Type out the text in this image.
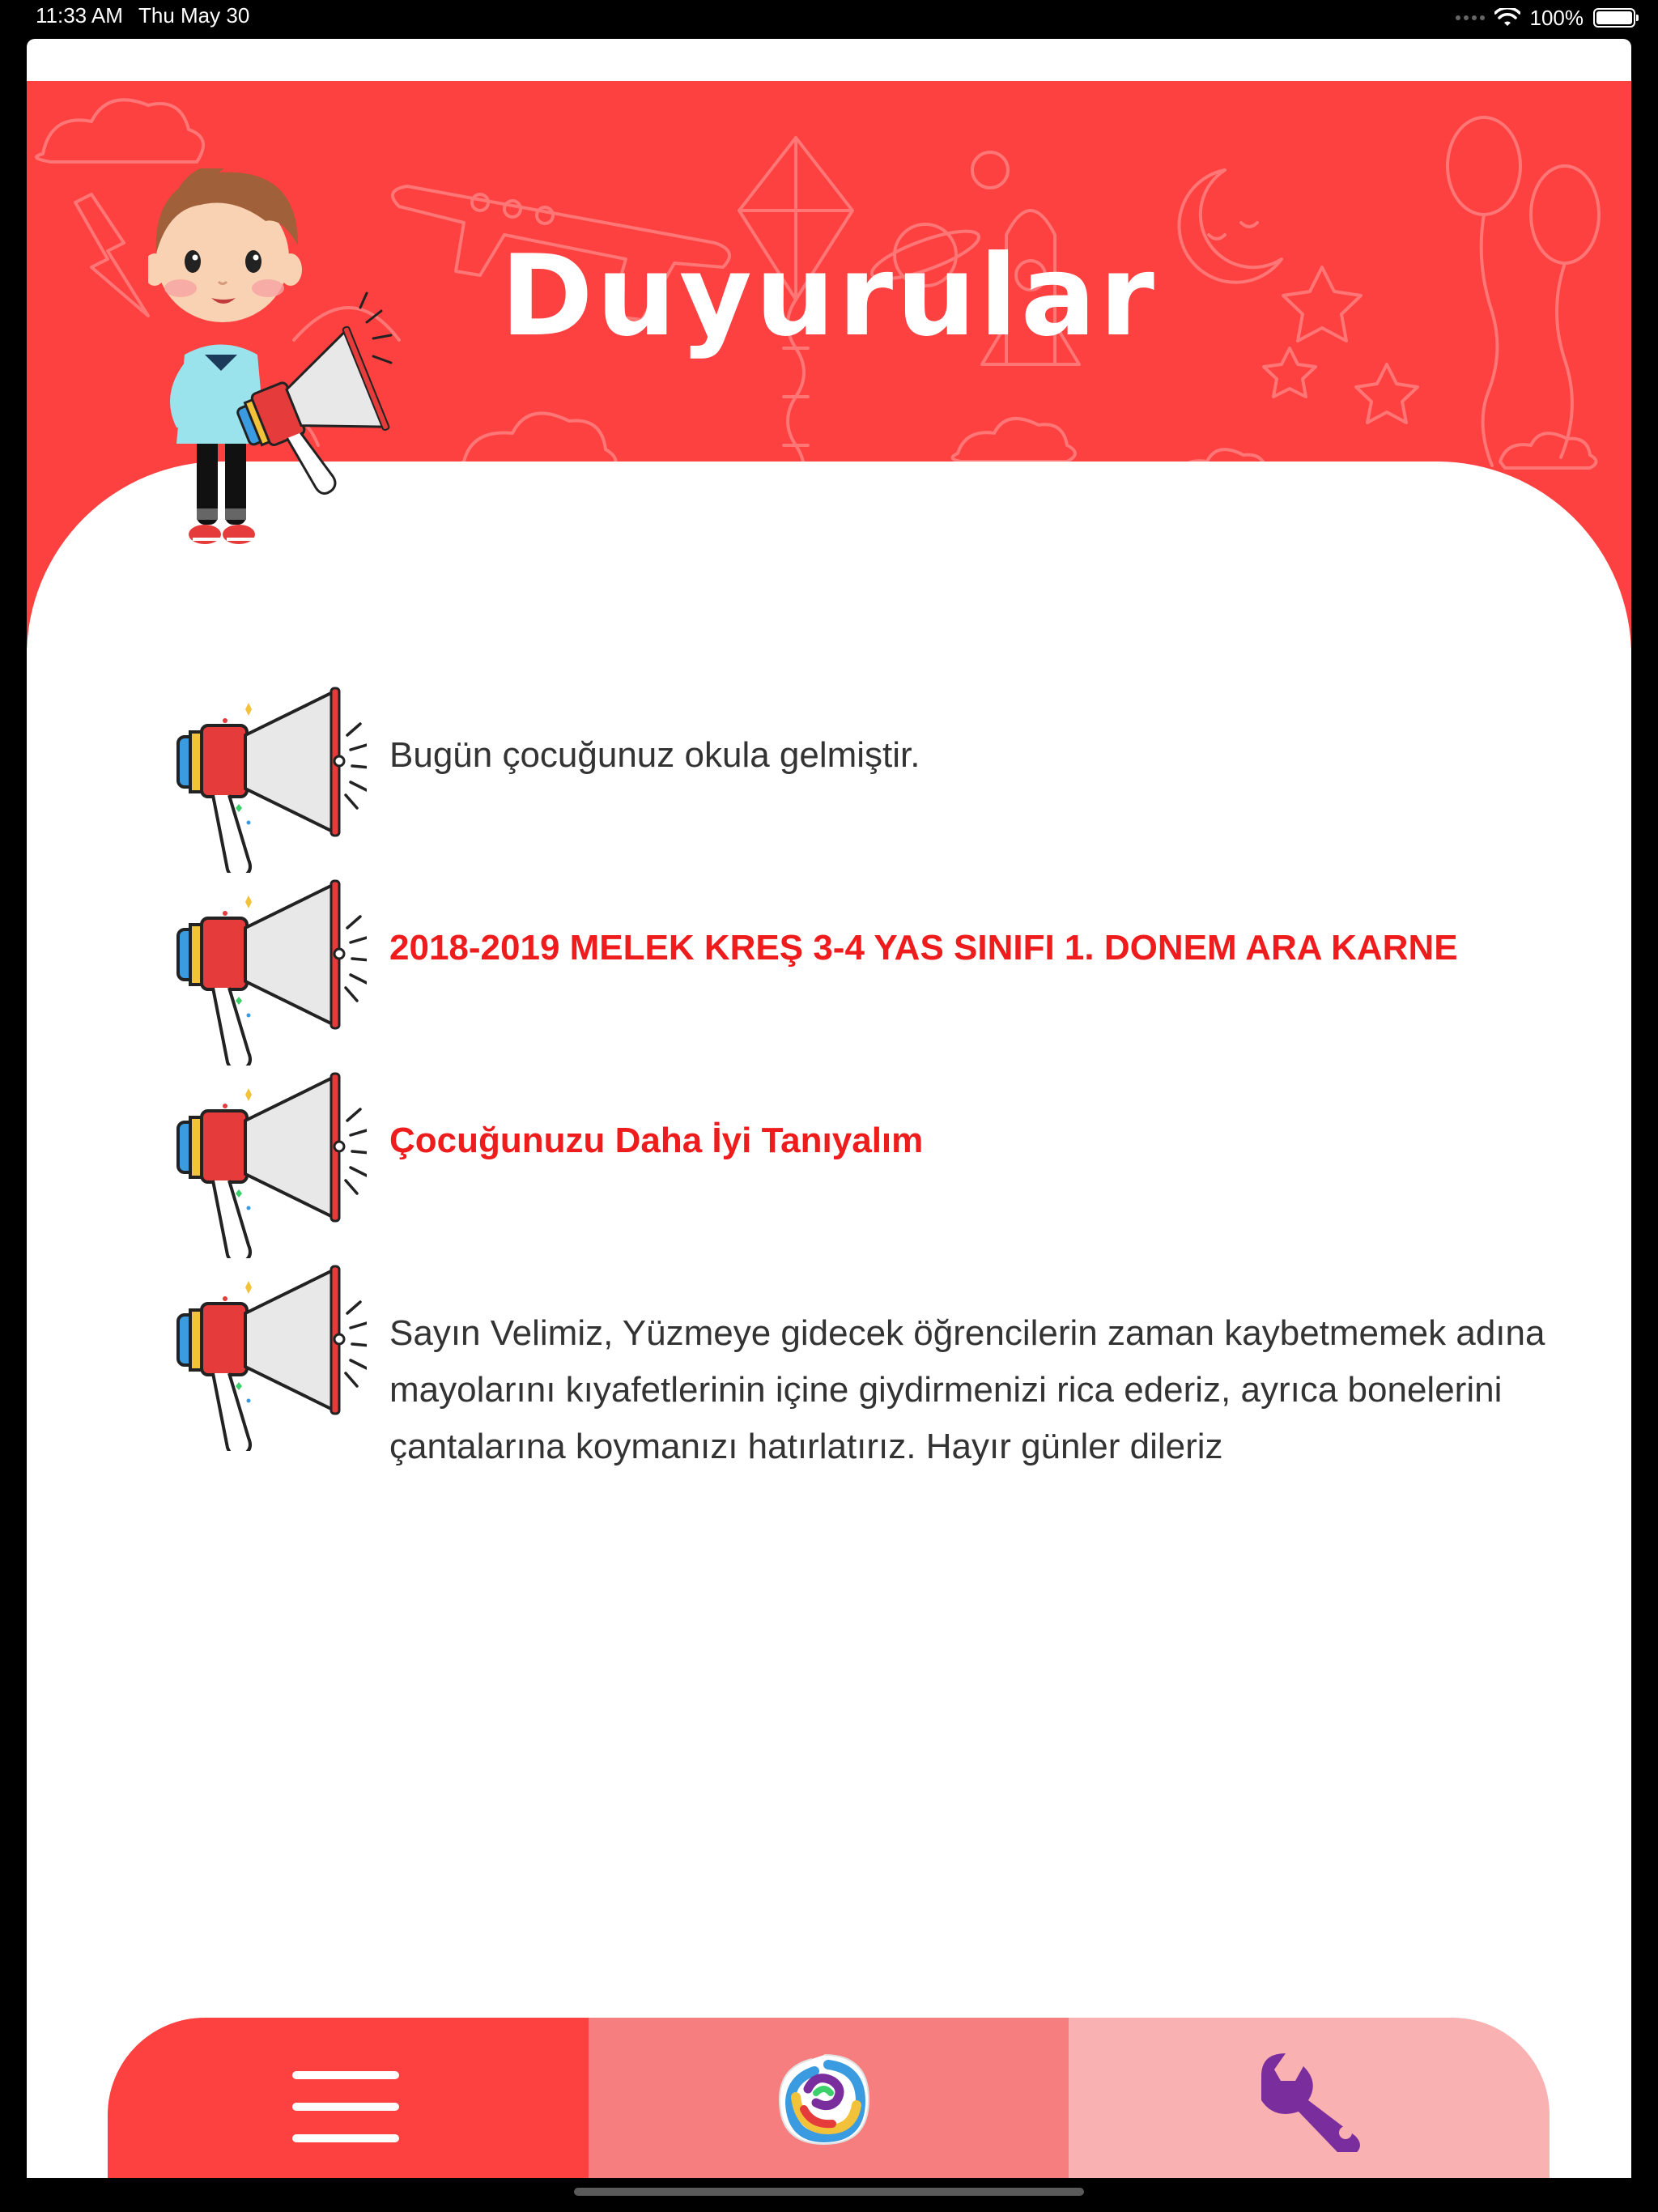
11:33 AM Thu May 30	100%
Duyurular
Bugün çocuğunuz okula gelmiştir.
2018-2019 MELEK KREŞ 3-4 YAS SINIFI 1. DONEM ARA KARNE
Çocuğunuzu Daha İyi Tanıyalım
Sayın Velimiz, Yüzmeye gidecek öğrencilerin zaman kaybetmemek adına mayolarını kıyafetlerinin içine giydirmenizi rica ederiz, ayrıca bonelerini çantalarına koymanızı hatırlatırız. Hayır günler dileriz
